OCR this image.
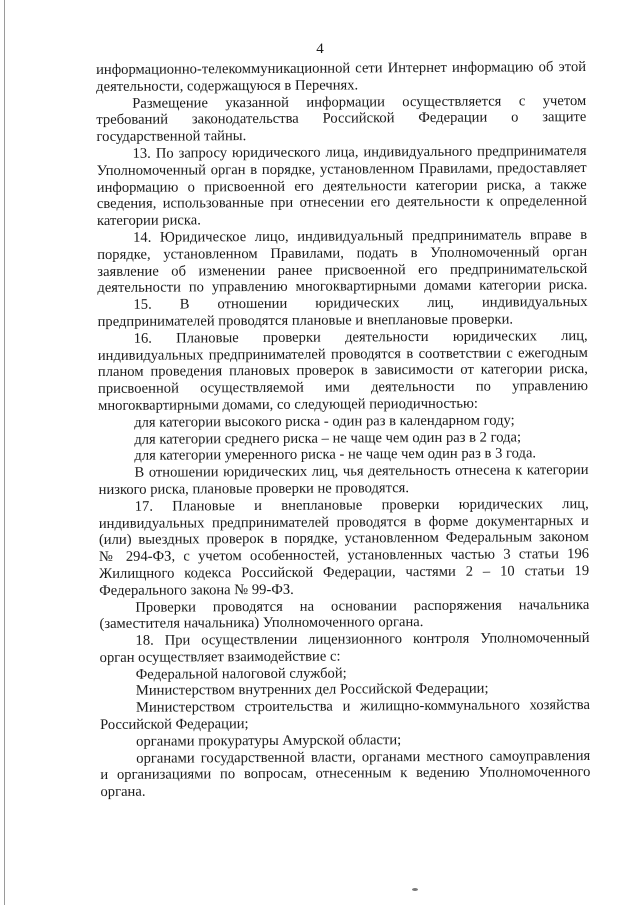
4
информационно-телекоммуникационной сети Интернет информацию об этой
деятельности, содержащуюся в Перечнях.
Размещение указанной информации осуществляется с учетом
требований законодательства Российской Федерации о защите
государственной тайны.
13. По запросу юридического лица, индивидуального предпринимателя
Уполномоченный орган в порядке, установленном Правилами, предоставляет
информацию о присвоенной его деятельности категории риска, а также
сведения, использованные при отнесении его деятельности к определенной
категории риска.
14. Юридическое лицо, индивидуальный предприниматель вправе в
порядке, установленном Правилами, подать в Уполномоченный орган
заявление об изменении ранее присвоенной его предпринимательской
деятельности по управлению многоквартирными домами категории риска.
15. В отношении юридических лиц, индивидуальных
предпринимателей проводятся плановые и внеплановые проверки.
16. Плановые проверки деятельности юридических лиц,
индивидуальных предпринимателей проводятся в соответствии с ежегодным
планом проведения плановых проверок в зависимости от категории риска,
присвоенной осуществляемой ими деятельности по управлению
многоквартирными домами, со следующей периодичностью:
для категории высокого риска - один раз в календарном году;
для категории среднего риска – не чаще чем один раз в 2 года;
для категории умеренного риска - не чаще чем один раз в 3 года.
В отношении юридических лиц, чья деятельность отнесена к категории
низкого риска, плановые проверки не проводятся.
17. Плановые и внеплановые проверки юридических лиц,
индивидуальных предпринимателей проводятся в форме документарных и
(или) выездных проверок в порядке, установленном Федеральным законом
№ 294-ФЗ, с учетом особенностей, установленных частью 3 статьи 196
Жилищного кодекса Российской Федерации, частями 2 – 10 статьи 19
Федерального закона № 99-ФЗ.
Проверки проводятся на основании распоряжения начальника
(заместителя начальника) Уполномоченного органа.
18. При осуществлении лицензионного контроля Уполномоченный
орган осуществляет взаимодействие с:
Федеральной налоговой службой;
Министерством внутренних дел Российской Федерации;
Министерством строительства и жилищно-коммунального хозяйства
Российской Федерации;
органами прокуратуры Амурской области;
органами государственной власти, органами местного самоуправления
и организациями по вопросам, отнесенным к ведению Уполномоченного
органа.
